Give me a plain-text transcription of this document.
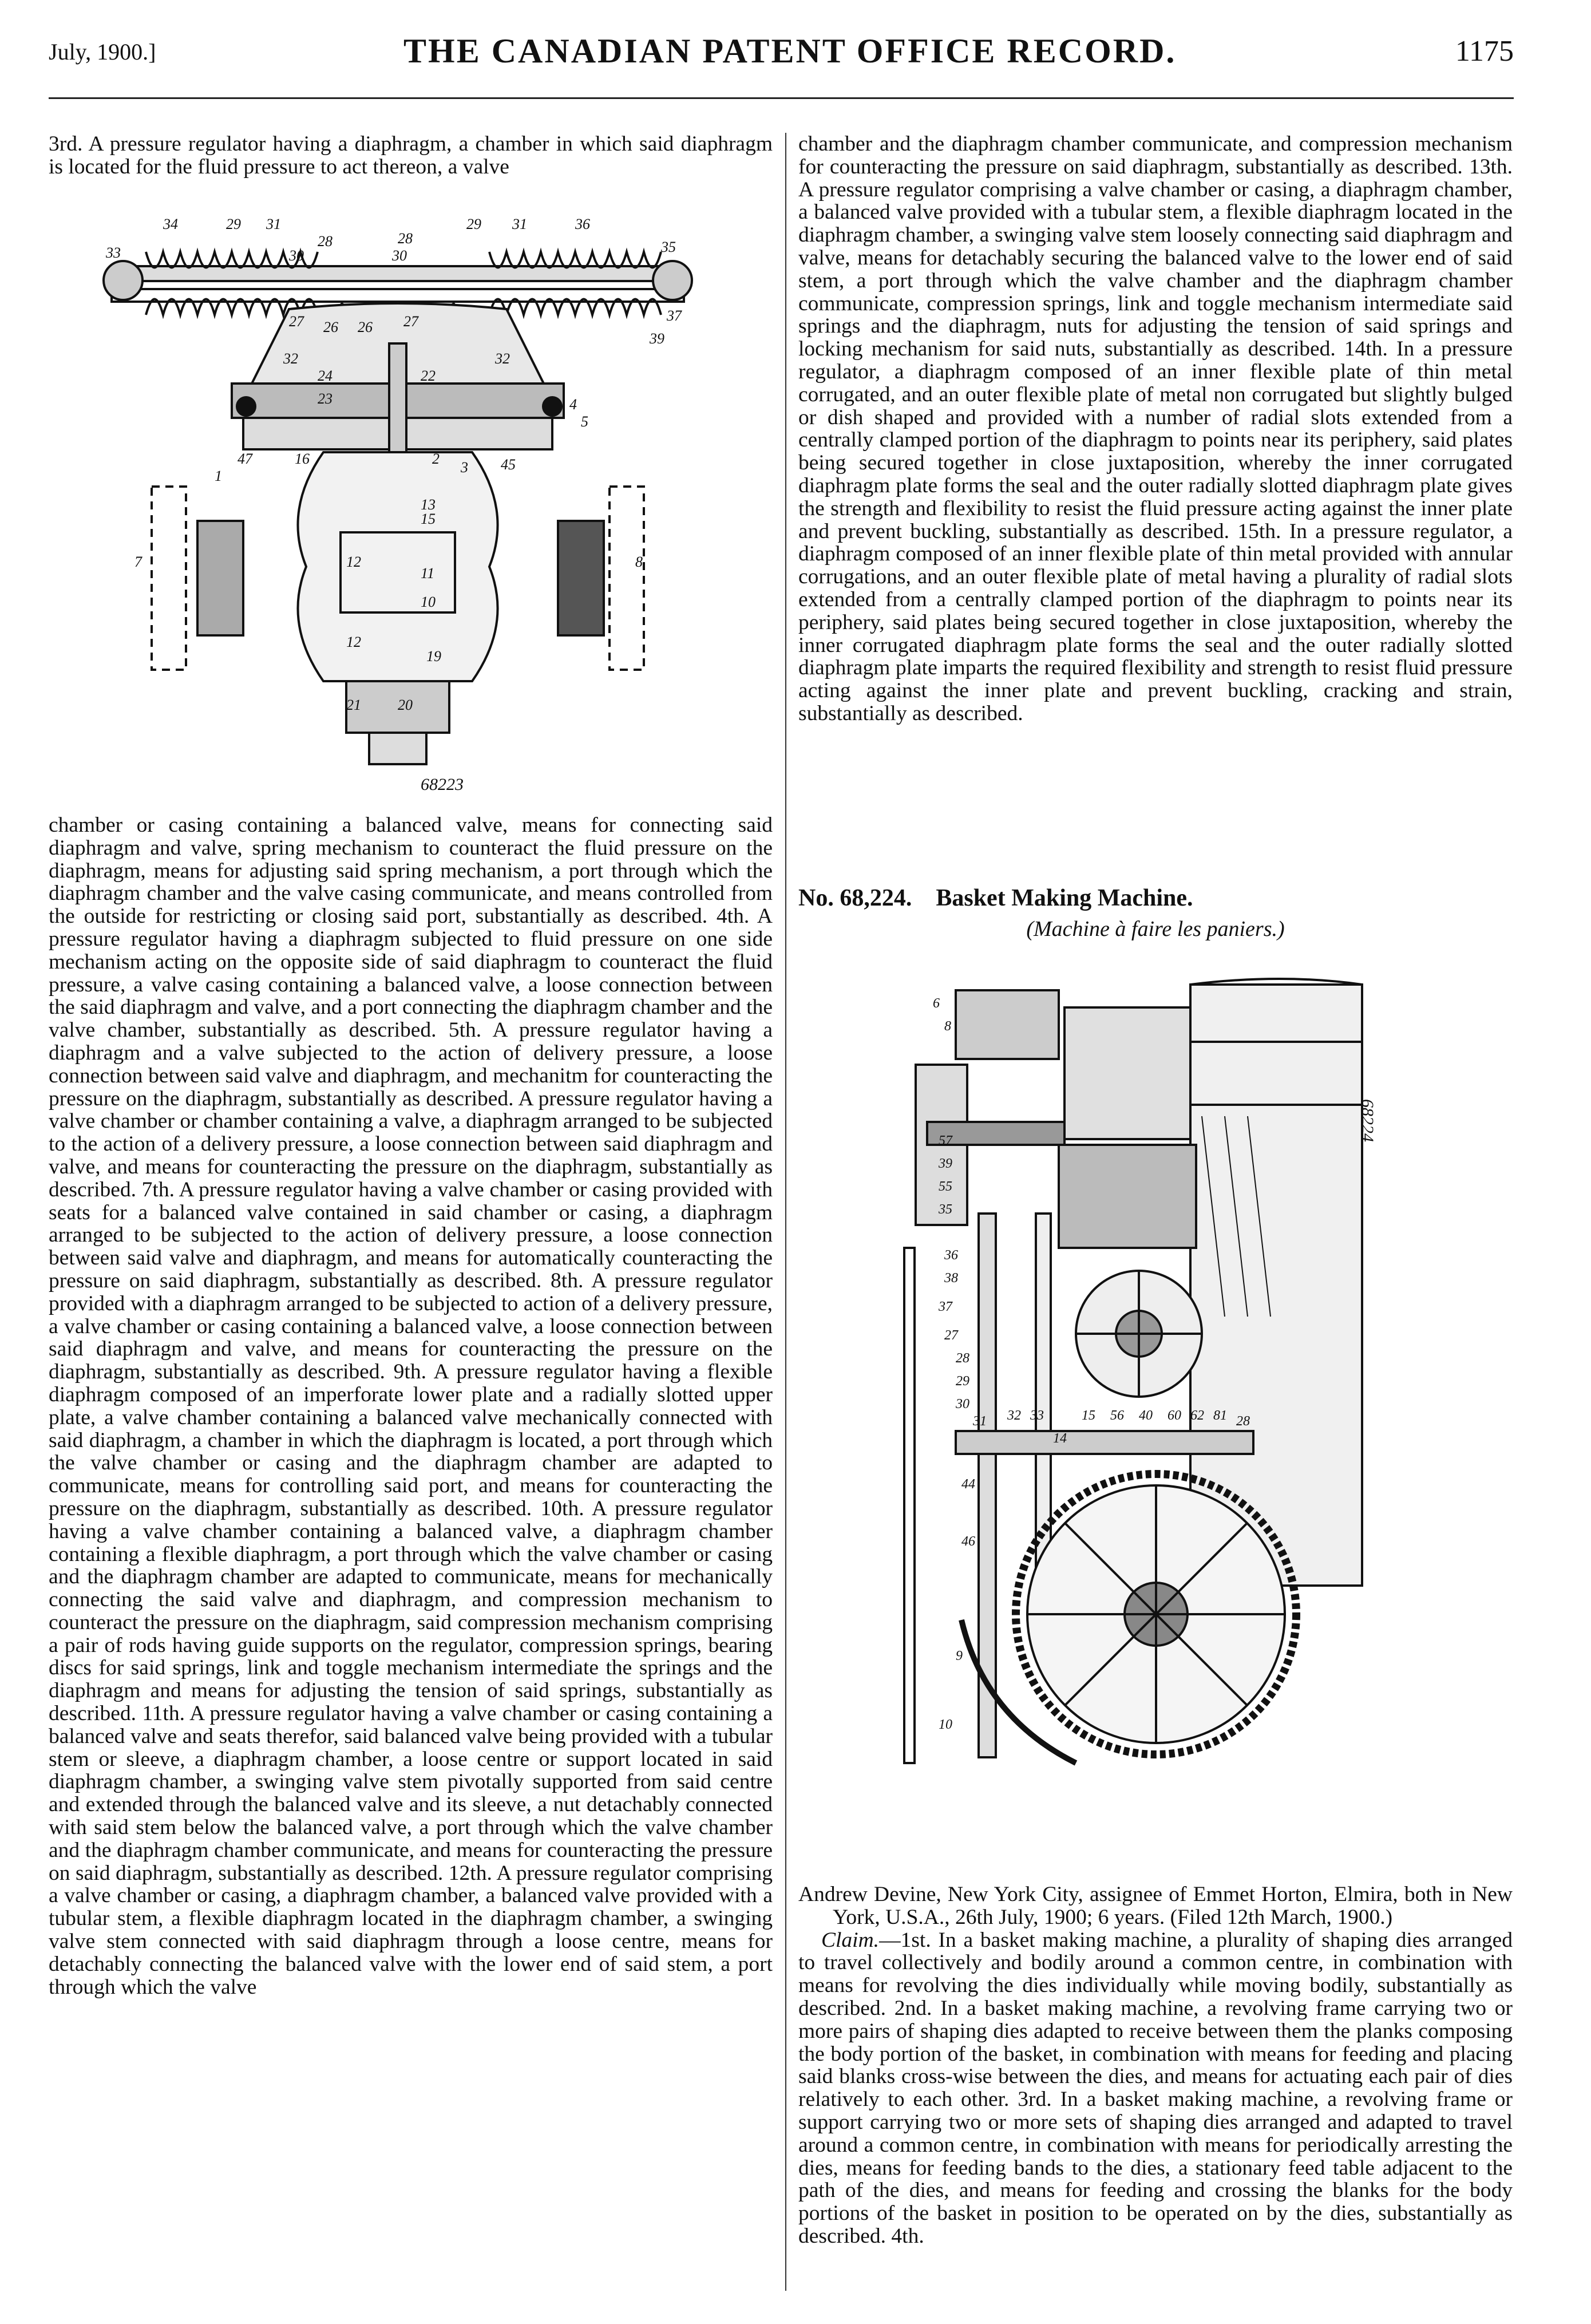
July, 1900.]	THE CANADIAN PATENT OFFICE RECORD.	1175

3rd. A pressure regulator having a diaphragm, a chamber in which said diaphragm is located for the fluid pressure to act thereon, a valve

34	29 31
28
30
28
30
29 31	36
33	35
27 26 26 27
32	32
37
39
24	22
23	4
5
47	16	2
3 45
13
15
12
11
10
12
19
21 20
1
7	8
68223

chamber or casing containing a balanced valve, means for connecting said diaphragm and valve, spring mechanism to counteract the fluid pressure on the diaphragm, means for adjusting said spring mechanism, a port through which the diaphragm chamber and the valve casing communicate, and means controlled from the outside for restricting or closing said port, substantially as described. 4th. A pressure regulator having a diaphragm subjected to fluid pressure on one side mechanism acting on the opposite side of said diaphragm to counteract the fluid pressure, a valve casing containing a balanced valve, a loose connection between the said diaphragm and valve, and a port connecting the diaphragm chamber and the valve chamber, substantially as described. 5th. A pressure regulator having a diaphragm and a valve subjected to the action of delivery pressure, a loose connection between said valve and diaphragm, and mechanitm for counteracting the pressure on the diaphragm, substantially as described. A pressure regulator having a valve chamber or chamber containing a valve, a diaphragm arranged to be subjected to the action of a delivery pressure, a loose connection between said diaphragm and valve, and means for counteracting the pressure on the diaphragm, substantially as described. 7th. A pressure regulator having a valve chamber or casing provided with seats for a balanced valve contained in said chamber or casing, a diaphragm arranged to be subjected to the action of delivery pressure, a loose connection between said valve and diaphragm, and means for automatically counteracting the pressure on said diaphragm, substantially as described. 8th. A pressure regulator provided with a diaphragm arranged to be subjected to action of a delivery pressure, a valve chamber or casing containing a balanced valve, a loose connection between said diaphragm and valve, and means for counteracting the pressure on the diaphragm, substantially as described. 9th. A pressure regulator having a flexible diaphragm composed of an imperforate lower plate and a radially slotted upper plate, a valve chamber containing a balanced valve mechanically connected with said diaphragm, a chamber in which the diaphragm is located, a port through which the valve chamber or casing and the diaphragm chamber are adapted to communicate, means for controlling said port, and means for counteracting the pressure on the diaphragm, substantially as described. 10th. A pressure regulator having a valve chamber containing a balanced valve, a diaphragm chamber containing a flexible diaphragm, a port through which the valve chamber or casing and the diaphragm chamber are adapted to communicate, means for mechanically connecting the said valve and diaphragm, and compression mechanism to counteract the pressure on the diaphragm, said compression mechanism comprising a pair of rods having guide supports on the regulator, compression springs, bearing discs for said springs, link and toggle mechanism intermediate the springs and the diaphragm and means for adjusting the tension of said springs, substantially as described. 11th. A pressure regulator having a valve chamber or casing containing a balanced valve and seats therefor, said balanced valve being provided with a tubular stem or sleeve, a diaphragm chamber, a loose centre or support located in said diaphragm chamber, a swinging valve stem pivotally supported from said centre and extended through the balanced valve and its sleeve, a nut detachably connected with said stem below the balanced valve, a port through which the valve chamber and the diaphragm chamber communicate, and means for counteracting the pressure on said diaphragm, substantially as described. 12th. A pressure regulator comprising a valve chamber or casing, a diaphragm chamber, a balanced valve provided with a tubular stem, a flexible diaphragm located in the diaphragm chamber, a swinging valve stem connected with said diaphragm through a loose centre, means for detachably connecting the balanced valve with the lower end of said stem, a port through which the valve

chamber and the diaphragm chamber communicate, and compression mechanism for counteracting the pressure on said diaphragm, substantially as described. 13th. A pressure regulator comprising a valve chamber or casing, a diaphragm chamber, a balanced valve provided with a tubular stem, a flexible diaphragm located in the diaphragm chamber, a swinging valve stem loosely connecting said diaphragm and valve, means for detachably securing the balanced valve to the lower end of said stem, a port through which the valve chamber and the diaphragm chamber communicate, compression springs, link and toggle mechanism intermediate said springs and the diaphragm, nuts for adjusting the tension of said springs and locking mechanism for said nuts, substantially as described. 14th. In a pressure regulator, a diaphragm composed of an inner flexible plate of thin metal corrugated, and an outer flexible plate of metal non corrugated but slightly bulged or dish shaped and provided with a number of radial slots extended from a centrally clamped portion of the diaphragm to points near its periphery, said plates being secured together in close juxtaposition, whereby the inner corrugated diaphragm plate forms the seal and the outer radially slotted diaphragm plate gives the strength and flexibility to resist the fluid pressure acting against the inner plate and prevent buckling, substantially as described. 15th. In a pressure regulator, a diaphragm composed of an inner flexible plate of thin metal provided with annular corrugations, and an outer flexible plate of metal having a plurality of radial slots extended from a centrally clamped portion of the diaphragm to points near its periphery, said plates being secured together in close juxtaposition, whereby the inner corrugated diaphragm plate forms the seal and the outer radially slotted diaphragm plate imparts the required flexibility and strength to resist fluid pressure acting against the inner plate and prevent buckling, cracking and strain, substantially as described.

No. 68,224. Basket Making Machine.
(Machine à faire les paniers.)
68224
6
8
57
39
55
35
36
38
37
27
28
29
30
31 32 33
14
15 56 40 60 62 81 28
44
46
9
10

Andrew Devine, New York City, assignee of Emmet Horton, Elmira, both in New York, U.S.A., 26th July, 1900; 6 years. (Filed 12th March, 1900.)

Claim.—1st. In a basket making machine, a plurality of shaping dies arranged to travel collectively and bodily around a common centre, in combination with means for revolving the dies individually while moving bodily, substantially as described. 2nd. In a basket making machine, a revolving frame carrying two or more pairs of shaping dies adapted to receive between them the planks composing the body portion of the basket, in combination with means for feeding and placing said blanks cross-wise between the dies, and means for actuating each pair of dies relatively to each other. 3rd. In a basket making machine, a revolving frame or support carrying two or more sets of shaping dies arranged and adapted to travel around a common centre, in combination with means for periodically arresting the dies, means for feeding bands to the dies, a stationary feed table adjacent to the path of the dies, and means for feeding and crossing the blanks for the body portions of the basket in position to be operated on by the dies, substantially as described. 4th.
